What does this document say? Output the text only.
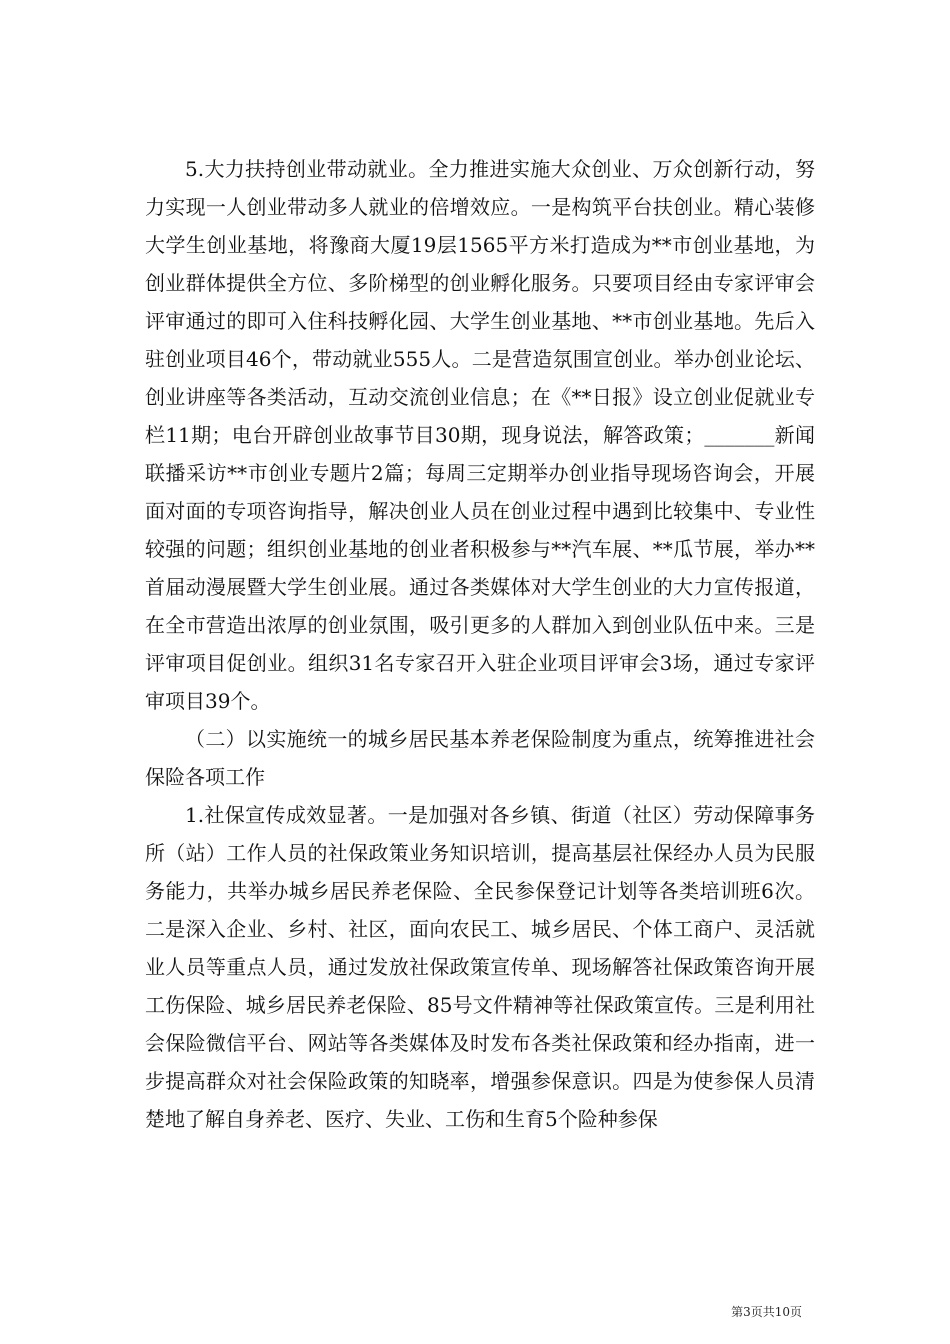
5.大力扶持创业带动就业。全力推进实施大众创业、万众创新行动，努力实现一人创业带动多人就业的倍增效应。一是构筑平台扶创业。精心装修大学生创业基地，将豫商大厦19层1565平方米打造成为**市创业基地，为创业群体提供全方位、多阶梯型的创业孵化服务。只要项目经由专家评审会评审通过的即可入住科技孵化园、大学生创业基地、**市创业基地。先后入驻创业项目46个，带动就业555人。二是营造氛围宣创业。举办创业论坛、创业讲座等各类活动，互动交流创业信息；在《**日报》设立创业促就业专栏11期；电台开辟创业故事节目30期，现身说法，解答政策；_______新闻联播采访**市创业专题片2篇；每周三定期举办创业指导现场咨询会，开展面对面的专项咨询指导，解决创业人员在创业过程中遇到比较集中、专业性较强的问题；组织创业基地的创业者积极参与**汽车展、**瓜节展，举办**首届动漫展暨大学生创业展。通过各类媒体对大学生创业的大力宣传报道，在全市营造出浓厚的创业氛围，吸引更多的人群加入到创业队伍中来。三是评审项目促创业。组织31名专家召开入驻企业项目评审会3场，通过专家评审项目39个。

（二）以实施统一的城乡居民基本养老保险制度为重点，统筹推进社会保险各项工作

1.社保宣传成效显著。一是加强对各乡镇、街道（社区）劳动保障事务所（站）工作人员的社保政策业务知识培训，提高基层社保经办人员为民服务能力，共举办城乡居民养老保险、全民参保登记计划等各类培训班6次。二是深入企业、乡村、社区，面向农民工、城乡居民、个体工商户、灵活就业人员等重点人员，通过发放社保政策宣传单、现场解答社保政策咨询开展工伤保险、城乡居民养老保险、85号文件精神等社保政策宣传。三是利用社会保险微信平台、网站等各类媒体及时发布各类社保政策和经办指南，进一步提高群众对社会保险政策的知晓率，增强参保意识。四是为使参保人员清楚地了解自身养老、医疗、失业、工伤和生育5个险种参保

第3页共10页
